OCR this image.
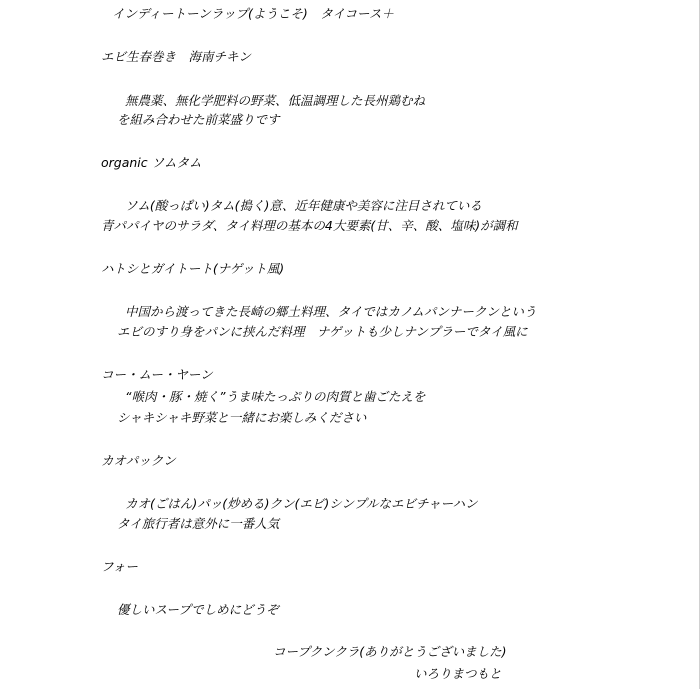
インディートーンラップ(ようこそ)　タイコース＋
エビ生春巻き　海南チキン
無農薬、無化学肥料の野菜、低温調理した長州鶏むね
を組み合わせた前菜盛りです
organic ソムタム
ソム(酸っぱい)タム(搗く)意、近年健康や美容に注目されている
青パパイヤのサラダ、タイ料理の基本の4大要素(甘、辛、酸、塩味)が調和
ハトシとガイトート(ナゲット風)
中国から渡ってきた長崎の郷土料理、タイではカノムパンナークンという
エビのすり身をパンに挟んだ料理　ナゲットも少しナンプラーでタイ風に
コー・ムー・ヤーン
“喉肉・豚・焼く”うま味たっぷりの肉質と歯ごたえを
シャキシャキ野菜と一緒にお楽しみください
カオパックン
カオ(ごはん)パッ(炒める)クン(エビ)シンプルなエビチャーハン
タイ旅行者は意外に一番人気
フォー
優しいスープでしめにどうぞ
コープクンクラ(ありがとうございました)
いろりまつもと
